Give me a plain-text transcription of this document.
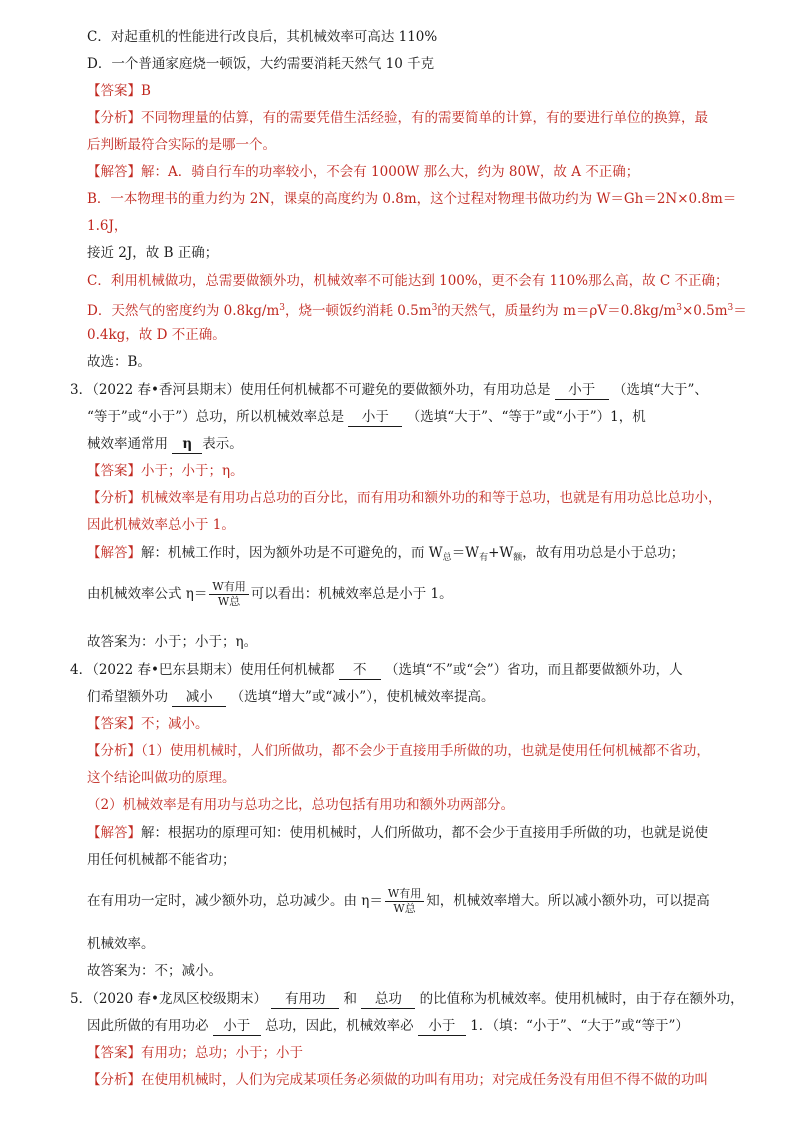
C．对起重机的性能进行改良后，其机械效率可高达 110%
D．一个普通家庭烧一顿饭，大约需要消耗天然气 10 千克
【答案】B
【分析】不同物理量的估算，有的需要凭借生活经验，有的需要简单的计算，有的要进行单位的换算，最
后判断最符合实际的是哪一个。
【解答】解：A．骑自行车的功率较小，不会有 1000W 那么大，约为 80W，故 A 不正确；
B．一本物理书的重力约为 2N，课桌的高度约为 0.8m，这个过程对物理书做功约为 W＝Gh＝2N×0.8m＝
1.6J，
接近 2J，故 B 正确；
C．利用机械做功，总需要做额外功，机械效率不可能达到 100%，更不会有 110%那么高，故 C 不正确；
D．天然气的密度约为 $0.8kg/m^3$，烧一顿饭约消耗 $0.5m^3$的天然气，质量约为 $m=\rho V=0.8kg/m^3\times 0.5m^3=$
0.4kg，故 D 不正确。
故选：B。
3．（2022 春•香河县期末）使用任何机械都不可避免的要做额外功，有用功总是 小于 （选填“大于”、
“等于”或“小于”）总功，所以机械效率总是 小于 （选填“大于”、“等于”或“小于”）1，机
械效率通常用 η 表示。
【答案】小于；小于；η。
【分析】机械效率是有用功占总功的百分比，而有用功和额外功的和等于总功，也就是有用功总比总功小，
因此机械效率总小于 1。
【解答】解：机械工作时，因为额外功是不可避免的，而 $W_总=W_有+W_额$，故有用功总是小于总功；
由机械效率公式 $\eta= \frac{\text{W有用}}{\text{W总}}$ 可以看出：机械效率总是小于 1。
故答案为：小于；小于；η。
4．（2022 春•巴东县期末）使用任何机械都 不 （选填“不”或“会”）省功，而且都要做额外功，人
们希望额外功 减小 （选填“增大”或“减小”），使机械效率提高。
【答案】不；减小。
【分析】（1）使用机械时，人们所做功，都不会少于直接用手所做的功，也就是使用任何机械都不省功，
这个结论叫做功的原理。
（2）机械效率是有用功与总功之比，总功包括有用功和额外功两部分。
【解答】解：根据功的原理可知：使用机械时，人们所做功，都不会少于直接用手所做的功，也就是说使
用任何机械都不能省功；
在有用功一定时，减少额外功，总功减少。由 $\eta= \frac{\text{W有用}}{\text{W总}}$ 知，机械效率增大。所以减小额外功，可以提高
机械效率。
故答案为：不；减小。
5．（2020 春•龙凤区校级期末） 有用功 和 总功 的比值称为机械效率。使用机械时，由于存在额外功，
因此所做的有用功必 小于 总功，因此，机械效率必 小于 1．（填：“小于”、“大于”或“等于”）
【答案】有用功；总功；小于；小于
【分析】在使用机械时，人们为完成某项任务必须做的功叫有用功；对完成任务没有用但不得不做的功叫
